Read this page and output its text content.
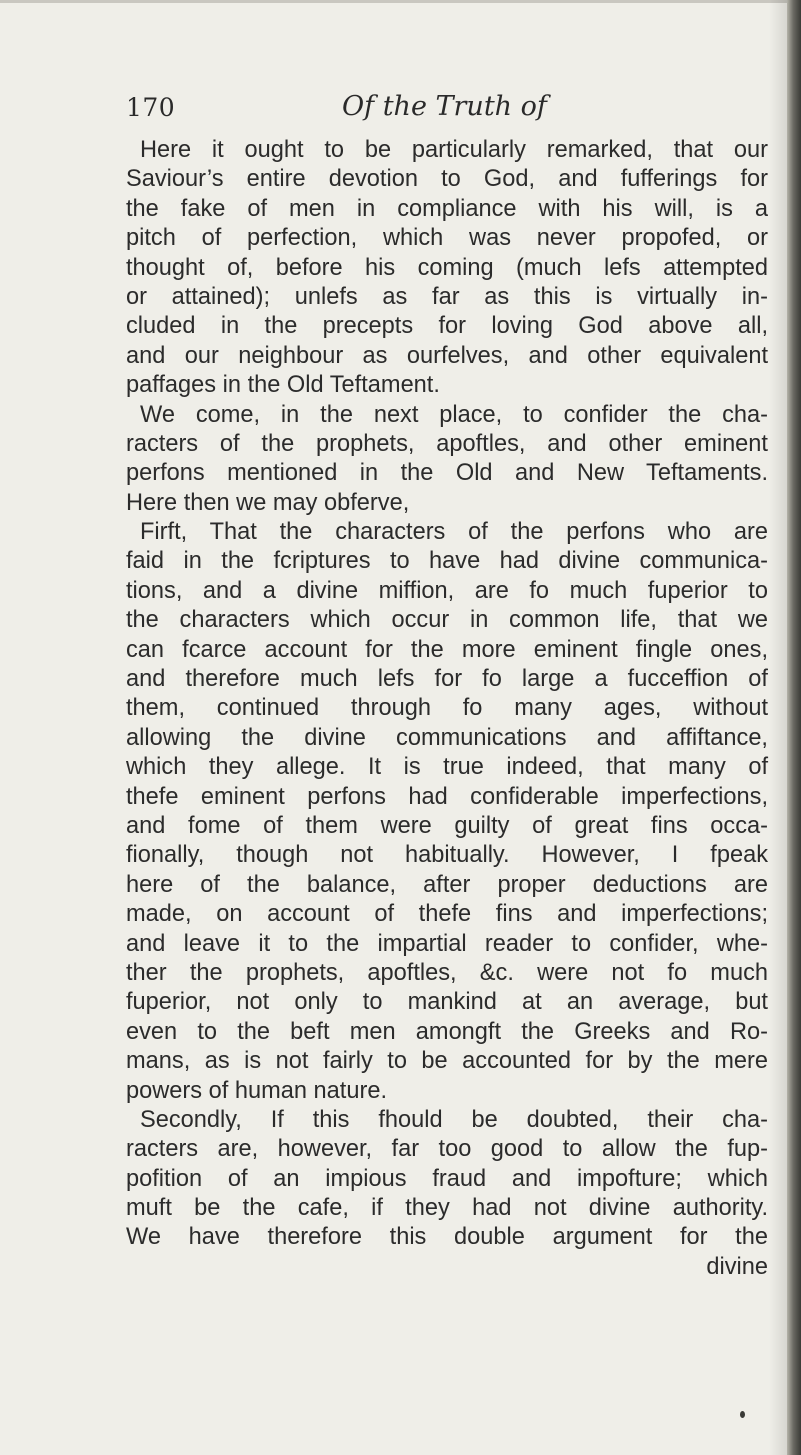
170	Of the Truth of
Here it ought to be particularly remarked, that our
Saviour’s entire devotion to God, and fufferings for
the fake of men in compliance with his will, is a
pitch of perfection, which was never propofed, or
thought of, before his coming (much lefs attempted
or attained); unlefs as far as this is virtually in-
cluded in the precepts for loving God above all,
and our neighbour as ourfelves, and other equivalent
paffages in the Old Teftament.
We come, in the next place, to confider the cha-
racters of the prophets, apoftles, and other eminent
perfons mentioned in the Old and New Teftaments.
Here then we may obferve,
Firft, That the characters of the perfons who are
faid in the fcriptures to have had divine communica-
tions, and a divine miffion, are fo much fuperior to
the characters which occur in common life, that we
can fcarce account for the more eminent fingle ones,
and therefore much lefs for fo large a fucceffion of
them, continued through fo many ages, without
allowing the divine communications and affiftance,
which they allege. It is true indeed, that many of
thefe eminent perfons had confiderable imperfections,
and fome of them were guilty of great fins occa-
fionally, though not habitually. However, I fpeak
here of the balance, after proper deductions are
made, on account of thefe fins and imperfections;
and leave it to the impartial reader to confider, whe-
ther the prophets, apoftles, &c. were not fo much
fuperior, not only to mankind at an average, but
even to the beft men amongft the Greeks and Ro-
mans, as is not fairly to be accounted for by the mere
powers of human nature.
Secondly, If this fhould be doubted, their cha-
racters are, however, far too good to allow the fup-
pofition of an impious fraud and impofture; which
muft be the cafe, if they had not divine authority.
We have therefore this double argument for the
divine
